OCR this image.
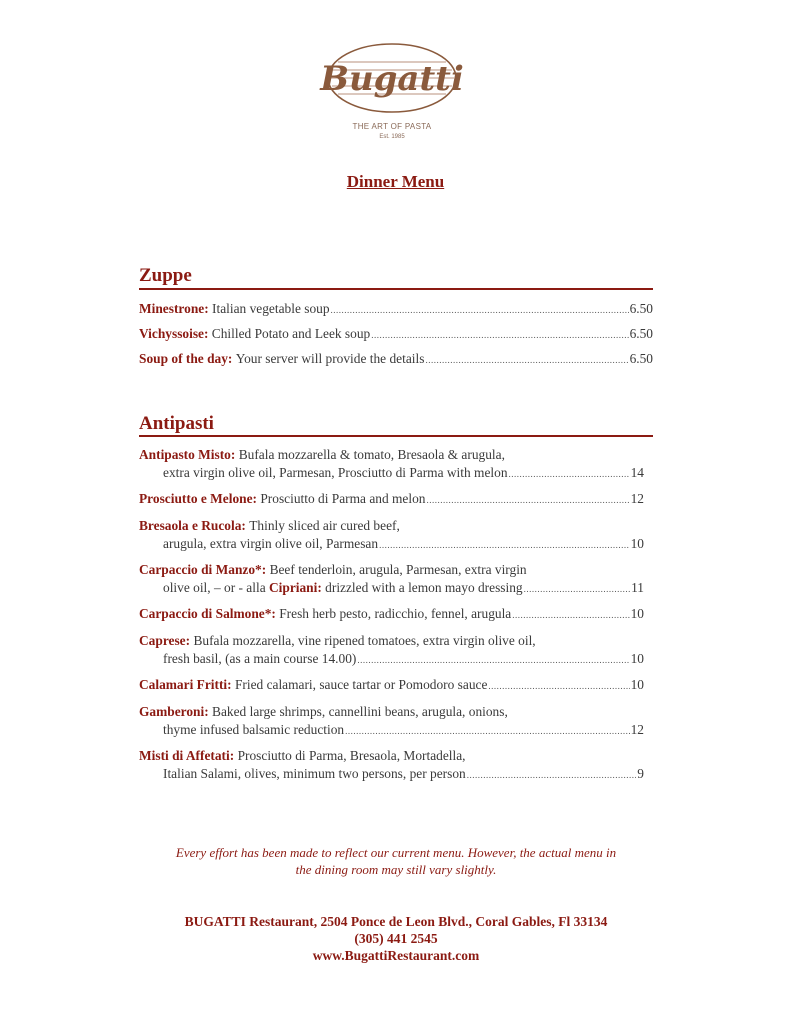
Bugatti
THE ART OF PASTA
Est. 1985
Dinner Menu
Zuppe
Minestrone:
Italian vegetable soup .....	6.50
Vichyssoise:
Chilled Potato and Leek soup .....	6.50
Soup of the day:
Your server will provide the details .....	6.50
Antipasti
Antipasto Misto:
Bufala mozzarella & tomato, Bresaola & arugula,
extra virgin olive oil, Parmesan, Prosciutto di Parma with melon .....	14
Prosciutto e Melone:
Prosciutto di Parma and melon .....	12
Bresaola e Rucola:
Thinly sliced air cured beef,
arugula, extra virgin olive oil, Parmesan .....	10
Carpaccio di Manzo*:
Beef tenderloin, arugula, Parmesan, extra virgin
olive oil, – or - alla Cipriani: drizzled with a lemon mayo dressing .....	11
Carpaccio di Salmone*:
Fresh herb pesto, radicchio, fennel, arugula .....	10
Caprese:
Bufala mozzarella, vine ripened tomatoes, extra virgin olive oil,
fresh basil, (as a main course 14.00) .....	10
Calamari Fritti:
Fried calamari, sauce tartar or Pomodoro sauce .....	10
Gamberoni:
Baked large shrimps, cannellini beans, arugula, onions,
thyme infused balsamic reduction .....	12
Misti di Affetati:
Prosciutto di Parma, Bresaola, Mortadella,
Italian Salami, olives, minimum two persons, per person .....	9
Every effort has been made to reflect our current menu. However, the actual menu in
the dining room may still vary slightly.
BUGATTI Restaurant, 2504 Ponce de Leon Blvd., Coral Gables, Fl 33134
(305) 441 2545
www.BugattiRestaurant.com
